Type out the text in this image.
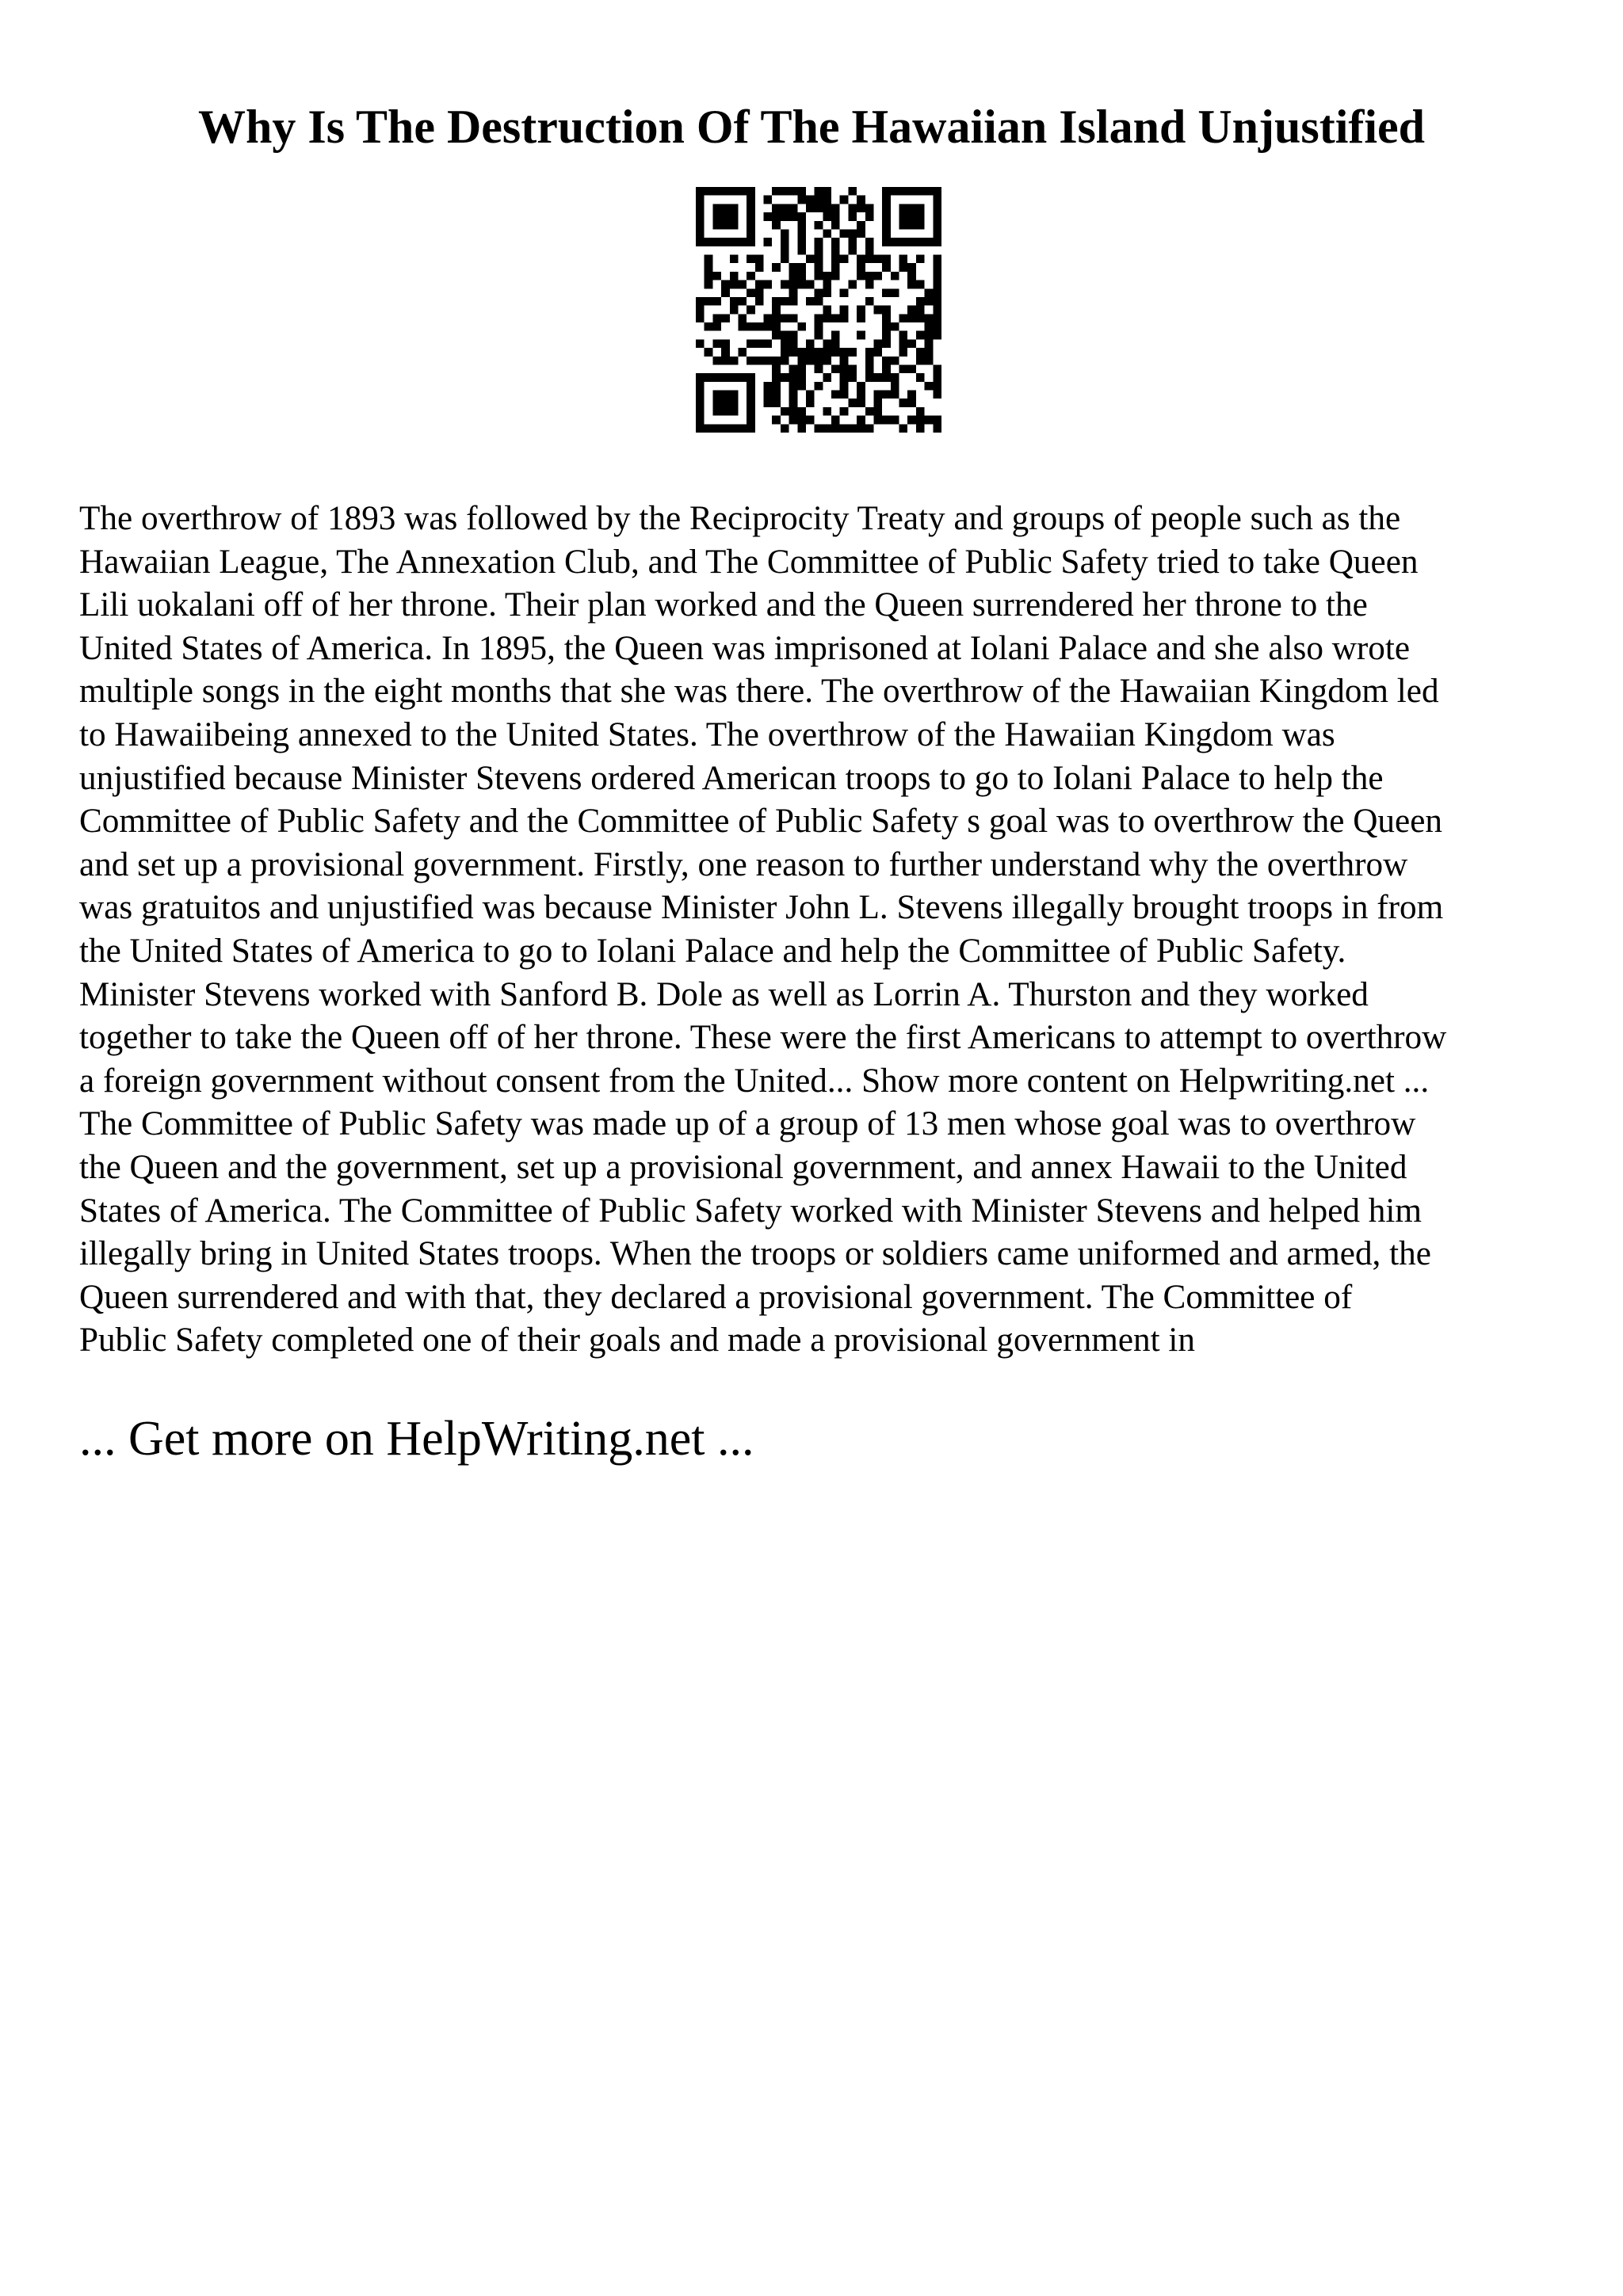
Why Is The Destruction Of The Hawaiian Island Unjustified
The overthrow of 1893 was followed by the Reciprocity Treaty and groups of people such as the
Hawaiian League, The Annexation Club, and The Committee of Public Safety tried to take Queen
Lili uokalani off of her throne. Their plan worked and the Queen surrendered her throne to the
United States of America. In 1895, the Queen was imprisoned at Iolani Palace and she also wrote
multiple songs in the eight months that she was there. The overthrow of the Hawaiian Kingdom led
to Hawaiibeing annexed to the United States. The overthrow of the Hawaiian Kingdom was
unjustified because Minister Stevens ordered American troops to go to Iolani Palace to help the
Committee of Public Safety and the Committee of Public Safety s goal was to overthrow the Queen
and set up a provisional government. Firstly, one reason to further understand why the overthrow
was gratuitos and unjustified was because Minister John L. Stevens illegally brought troops in from
the United States of America to go to Iolani Palace and help the Committee of Public Safety.
Minister Stevens worked with Sanford B. Dole as well as Lorrin A. Thurston and they worked
together to take the Queen off of her throne. These were the first Americans to attempt to overthrow
a foreign government without consent from the United... Show more content on Helpwriting.net ...
The Committee of Public Safety was made up of a group of 13 men whose goal was to overthrow
the Queen and the government, set up a provisional government, and annex Hawaii to the United
States of America. The Committee of Public Safety worked with Minister Stevens and helped him
illegally bring in United States troops. When the troops or soldiers came uniformed and armed, the
Queen surrendered and with that, they declared a provisional government. The Committee of
Public Safety completed one of their goals and made a provisional government in

... Get more on HelpWriting.net ...
